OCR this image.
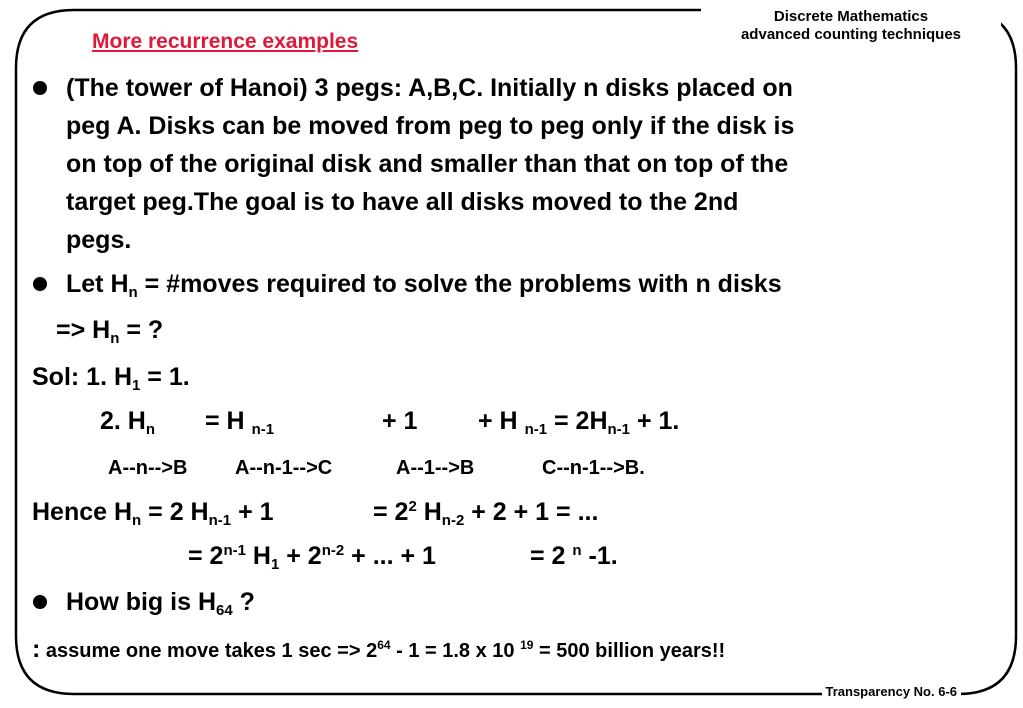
Discrete Mathematics
advanced counting techniques
More recurrence examples
(The tower of Hanoi) 3 pegs: A,B,C. Initially n disks placed on
peg A. Disks can be moved from peg to peg only if the disk is
on top of the original disk and smaller than that on top of the
target peg.The goal is to have all disks moved to the 2nd
pegs.
Let $H_n$ = #moves required to solve the problems with n disks
=> $H_n$ = ?
Sol: 1. $H_1 = 1$.
2. $H_n = H$ $_{n-1}$	+ 1 + H $_{n-1} = 2H_{n-1} + 1$.
A--n-->B A--n-1-->C	A--1-->B	C--n-1-->B.
Hence $H_n = 2$ $H_{n-1} + 1$	= $2^2$ $H_{n-2} + 2 + 1$ = ...
= $2^{n-1}$ $H_1 + 2^{n-2}$ + ... + 1	= 2 $^n$ -1.
How big is $H_{64}$ ?
: assume one move takes 1 $\sec => 2^{64} - 1 = 1.8$ x 10 $^{19}$ = 500 billion years!!
Transparency No. 6-6
